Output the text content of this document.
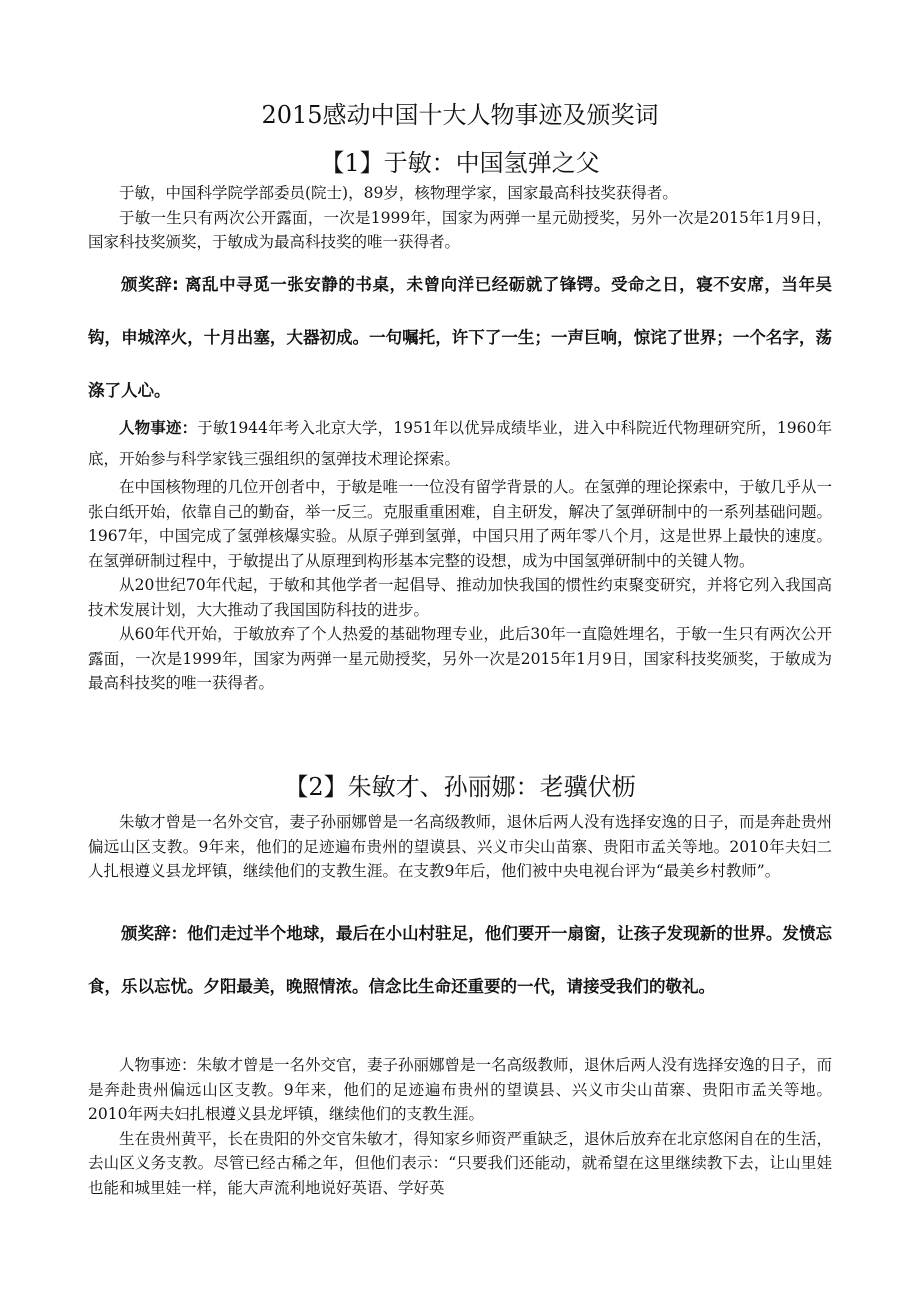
2015感动中国十大人物事迹及颁奖词
【1】于敏：中国氢弹之父

于敏，中国科学院学部委员(院士)，89岁，核物理学家，国家最高科技奖获得者。

于敏一生只有两次公开露面，一次是1999年，国家为两弹一星元勋授奖，另外一次是2015年1月9日，国家科技奖颁奖，于敏成为最高科技奖的唯一获得者。

颁奖辞: 离乱中寻觅一张安静的书桌，未曾向洋已经砺就了锋锷。受命之日，寝不安席，当年吴钩，申城淬火，十月出塞，大器初成。一句嘱托，许下了一生；一声巨响，惊诧了世界；一个名字，荡涤了人心。

人物事迹：于敏1944年考入北京大学，1951年以优异成绩毕业，进入中科院近代物理研究所，1960年底，开始参与科学家钱三强组织的氢弹技术理论探索。

在中国核物理的几位开创者中，于敏是唯一一位没有留学背景的人。在氢弹的理论探索中，于敏几乎从一张白纸开始，依靠自己的勤奋，举一反三。克服重重困难，自主研发，解决了氢弹研制中的一系列基础问题。1967年，中国完成了氢弹核爆实验。从原子弹到氢弹，中国只用了两年零八个月，这是世界上最快的速度。在氢弹研制过程中，于敏提出了从原理到构形基本完整的设想，成为中国氢弹研制中的关键人物。

从20世纪70年代起，于敏和其他学者一起倡导、推动加快我国的惯性约束聚变研究，并将它列入我国高技术发展计划，大大推动了我国国防科技的进步。

从60年代开始，于敏放弃了个人热爱的基础物理专业，此后30年一直隐姓埋名，于敏一生只有两次公开露面，一次是1999年，国家为两弹一星元勋授奖，另外一次是2015年1月9日，国家科技奖颁奖，于敏成为最高科技奖的唯一获得者。

【2】朱敏才、孙丽娜：老骥伏枥

朱敏才曾是一名外交官，妻子孙丽娜曾是一名高级教师，退休后两人没有选择安逸的日子，而是奔赴贵州偏远山区支教。9年来，他们的足迹遍布贵州的望谟县、兴义市尖山苗寨、贵阳市孟关等地。2010年夫妇二人扎根遵义县龙坪镇，继续他们的支教生涯。在支教9年后，他们被中央电视台评为“最美乡村教师”。

颁奖辞：他们走过半个地球，最后在小山村驻足，他们要开一扇窗，让孩子发现新的世界。发愤忘食，乐以忘忧。夕阳最美，晚照情浓。信念比生命还重要的一代，请接受我们的敬礼。

人物事迹：朱敏才曾是一名外交官，妻子孙丽娜曾是一名高级教师，退休后两人没有选择安逸的日子，而是奔赴贵州偏远山区支教。9年来，他们的足迹遍布贵州的望谟县、兴义市尖山苗寨、贵阳市孟关等地。2010年两夫妇扎根遵义县龙坪镇，继续他们的支教生涯。

生在贵州黄平，长在贵阳的外交官朱敏才，得知家乡师资严重缺乏，退休后放弃在北京悠闲自在的生活，去山区义务支教。尽管已经古稀之年，但他们表示：“只要我们还能动，就希望在这里继续教下去，让山里娃也能和城里娃一样，能大声流利地说好英语、学好英
